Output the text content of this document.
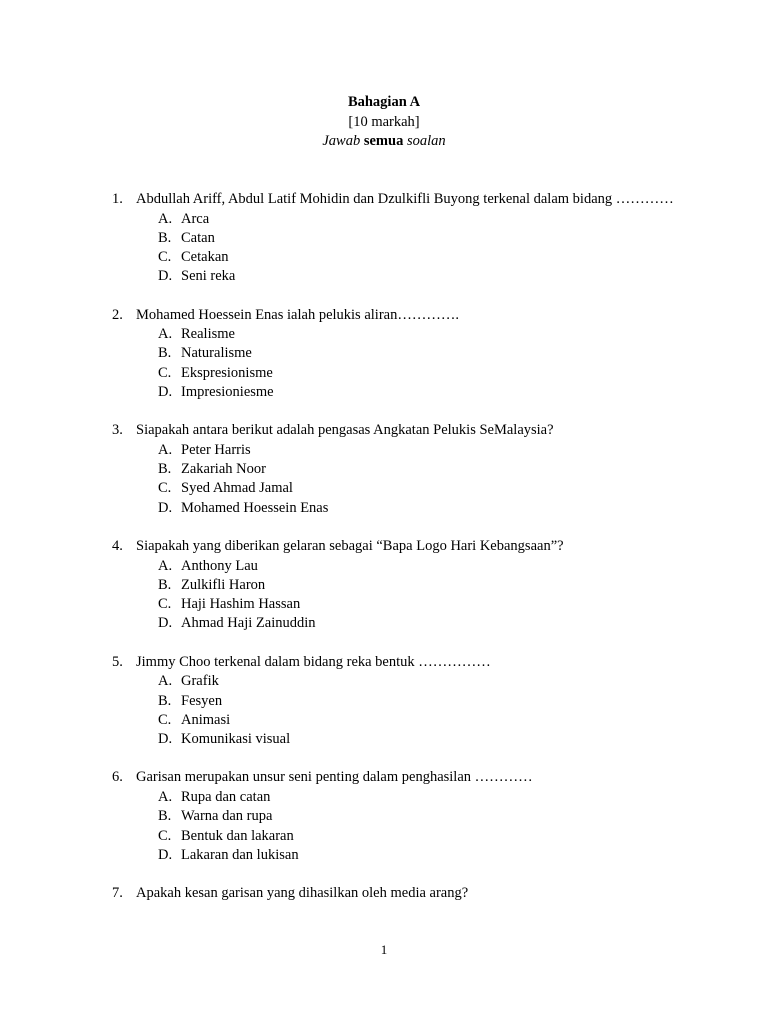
Bahagian A
[10 markah]
Jawab semua soalan
1. Abdullah Ariff, Abdul Latif Mohidin dan Dzulkifli Buyong terkenal dalam bidang …………
A. Arca
B. Catan
C. Cetakan
D. Seni reka
2. Mohamed Hoessein Enas ialah pelukis aliran………….
A. Realisme
B. Naturalisme
C. Ekspresionisme
D. Impresioniesme
3. Siapakah antara berikut adalah pengasas Angkatan Pelukis SeMalaysia?
A. Peter Harris
B. Zakariah Noor
C. Syed Ahmad Jamal
D. Mohamed Hoessein Enas
4. Siapakah yang diberikan gelaran sebagai “Bapa Logo Hari Kebangsaan”?
A. Anthony Lau
B. Zulkifli Haron
C. Haji Hashim Hassan
D. Ahmad Haji Zainuddin
5. Jimmy Choo terkenal dalam bidang reka bentuk ……………
A. Grafik
B. Fesyen
C. Animasi
D. Komunikasi visual
6. Garisan merupakan unsur seni penting dalam penghasilan …………
A. Rupa dan catan
B. Warna dan rupa
C. Bentuk dan lakaran
D. Lakaran dan lukisan
7. Apakah kesan garisan yang dihasilkan oleh media arang?
1
